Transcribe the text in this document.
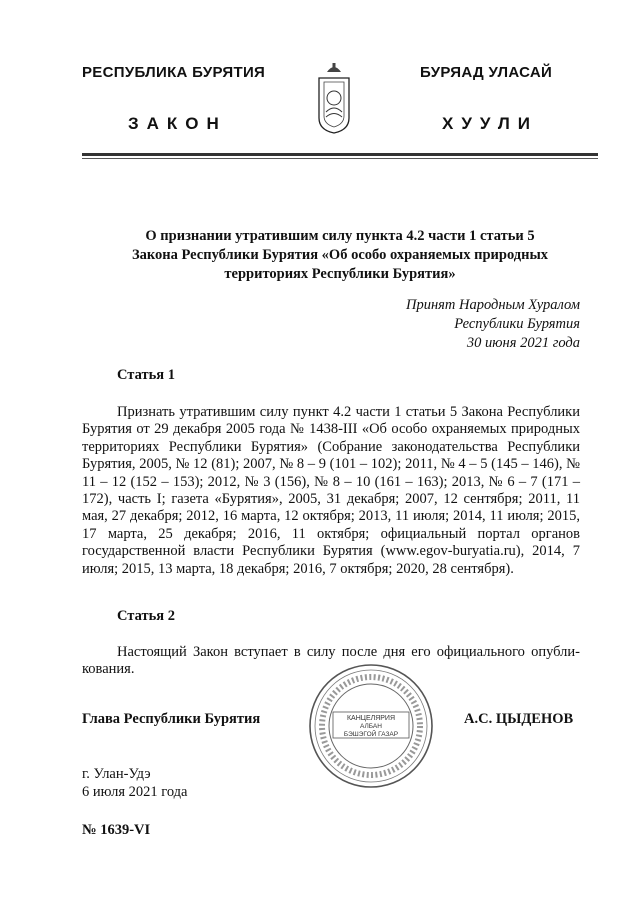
РЕСПУБЛИКА БУРЯТИЯ
ЗАКОН
БУРЯАД УЛАСАЙ
ХУУЛИ
О признании утратившим силу пункта 4.2 части 1 статьи 5
Закона Республики Бурятия «Об особо охраняемых природных
территориях Республики Бурятия»
Принят Народным Хуралом
Республики Бурятия
30 июня 2021 года
Статья 1
Признать утратившим силу пункт 4.2 части 1 статьи 5 Закона Республики Бурятия от 29 декабря 2005 года № 1438-III «Об особо охраняемых природных территориях Республики Бурятия» (Собрание законодательства Республики Бурятия, 2005, № 12 (81); 2007, № 8 – 9 (101 – 102); 2011, № 4 – 5 (145 – 146), № 11 – 12 (152 – 153); 2012, № 3 (156), № 8 – 10 (161 – 163); 2013, № 6 – 7 (171 – 172), часть I; газета «Бурятия», 2005, 31 декабря; 2007, 12 сентября; 2011, 11 мая, 27 декабря; 2012, 16 марта, 12 октября; 2013, 11 июля; 2014, 11 июля; 2015, 17 марта, 25 декабря; 2016, 11 октября; официальный портал органов государственной власти Республики Бурятия (www.egov-buryatia.ru), 2014, 7 июля; 2015, 13 марта, 18 декабря; 2016, 7 октября; 2020, 28 сентября).
Статья 2
Настоящий Закон вступает в силу после дня его официального опубликования.
Глава Республики Бурятия	КАНЦЕЛЯРИЯ
АЛБАН
БЭШЭГОЙ ГАЗАР
А.С. ЦЫДЕНОВ
г. Улан-Удэ
6 июля 2021 года
№ 1639-VI
